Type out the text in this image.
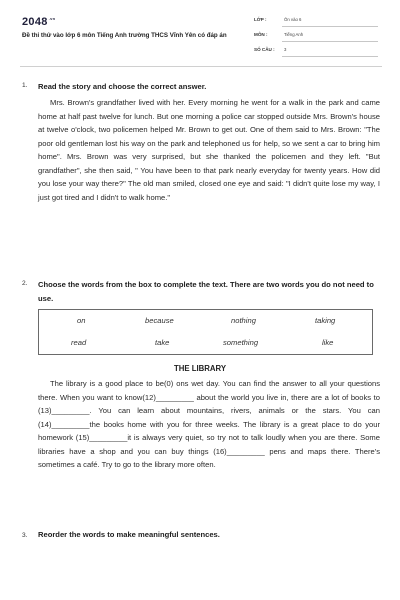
$2048^{.vn}$
Đề thi thử vào lớp 6 môn Tiếng Anh trường THCS Vĩnh Yên có đáp án
LỚP :	Ôn vào 6
MÔN :	Tiếng Anh
SỐ CÂU : 3
1. Read the story and choose the correct answer.

Mrs. Brown's grandfather lived with her. Every morning he went for a walk in the park and came home at half past twelve for lunch. But one morning a police car stopped outside Mrs. Brown's house at twelve o'clock, two policemen helped Mr. Brown to get out. One of them said to Mrs. Brown: "The poor old gentleman lost his way on the park and telephoned us for help, so we sent a car to bring him home". Mrs. Brown was very surprised, but she thanked the policemen and they left. "But grandfather", she then said, " You have been to that park nearly everyday for twenty years. How did you lose your way there?" The old man smiled, closed one eye and said: "I didn't quite lose my way, I just got tired and I didn't to walk home."

2. Choose the words from the box to complete the text. There are two words you do not need to use.
on	because	nothing	taking
read	take	something	like
THE LIBRARY

The library is a good place to be(0) ons wet day. You can find the answer to all your questions there. When you want to know(12)_________ about the world you live in, there are a lot of books to (13)_________. You can learn about mountains, rivers, animals or the stars. You can (14)_________the books home with you for three weeks. The library is a great place to do your homework (15)_________it is always very quiet, so try not to talk loudly when you are there. Some libraries have a shop and you can buy things (16)_________ pens and maps there. There's sometimes a café. Try to go to the library more often.

3. Reorder the words to make meaningful sentences.
